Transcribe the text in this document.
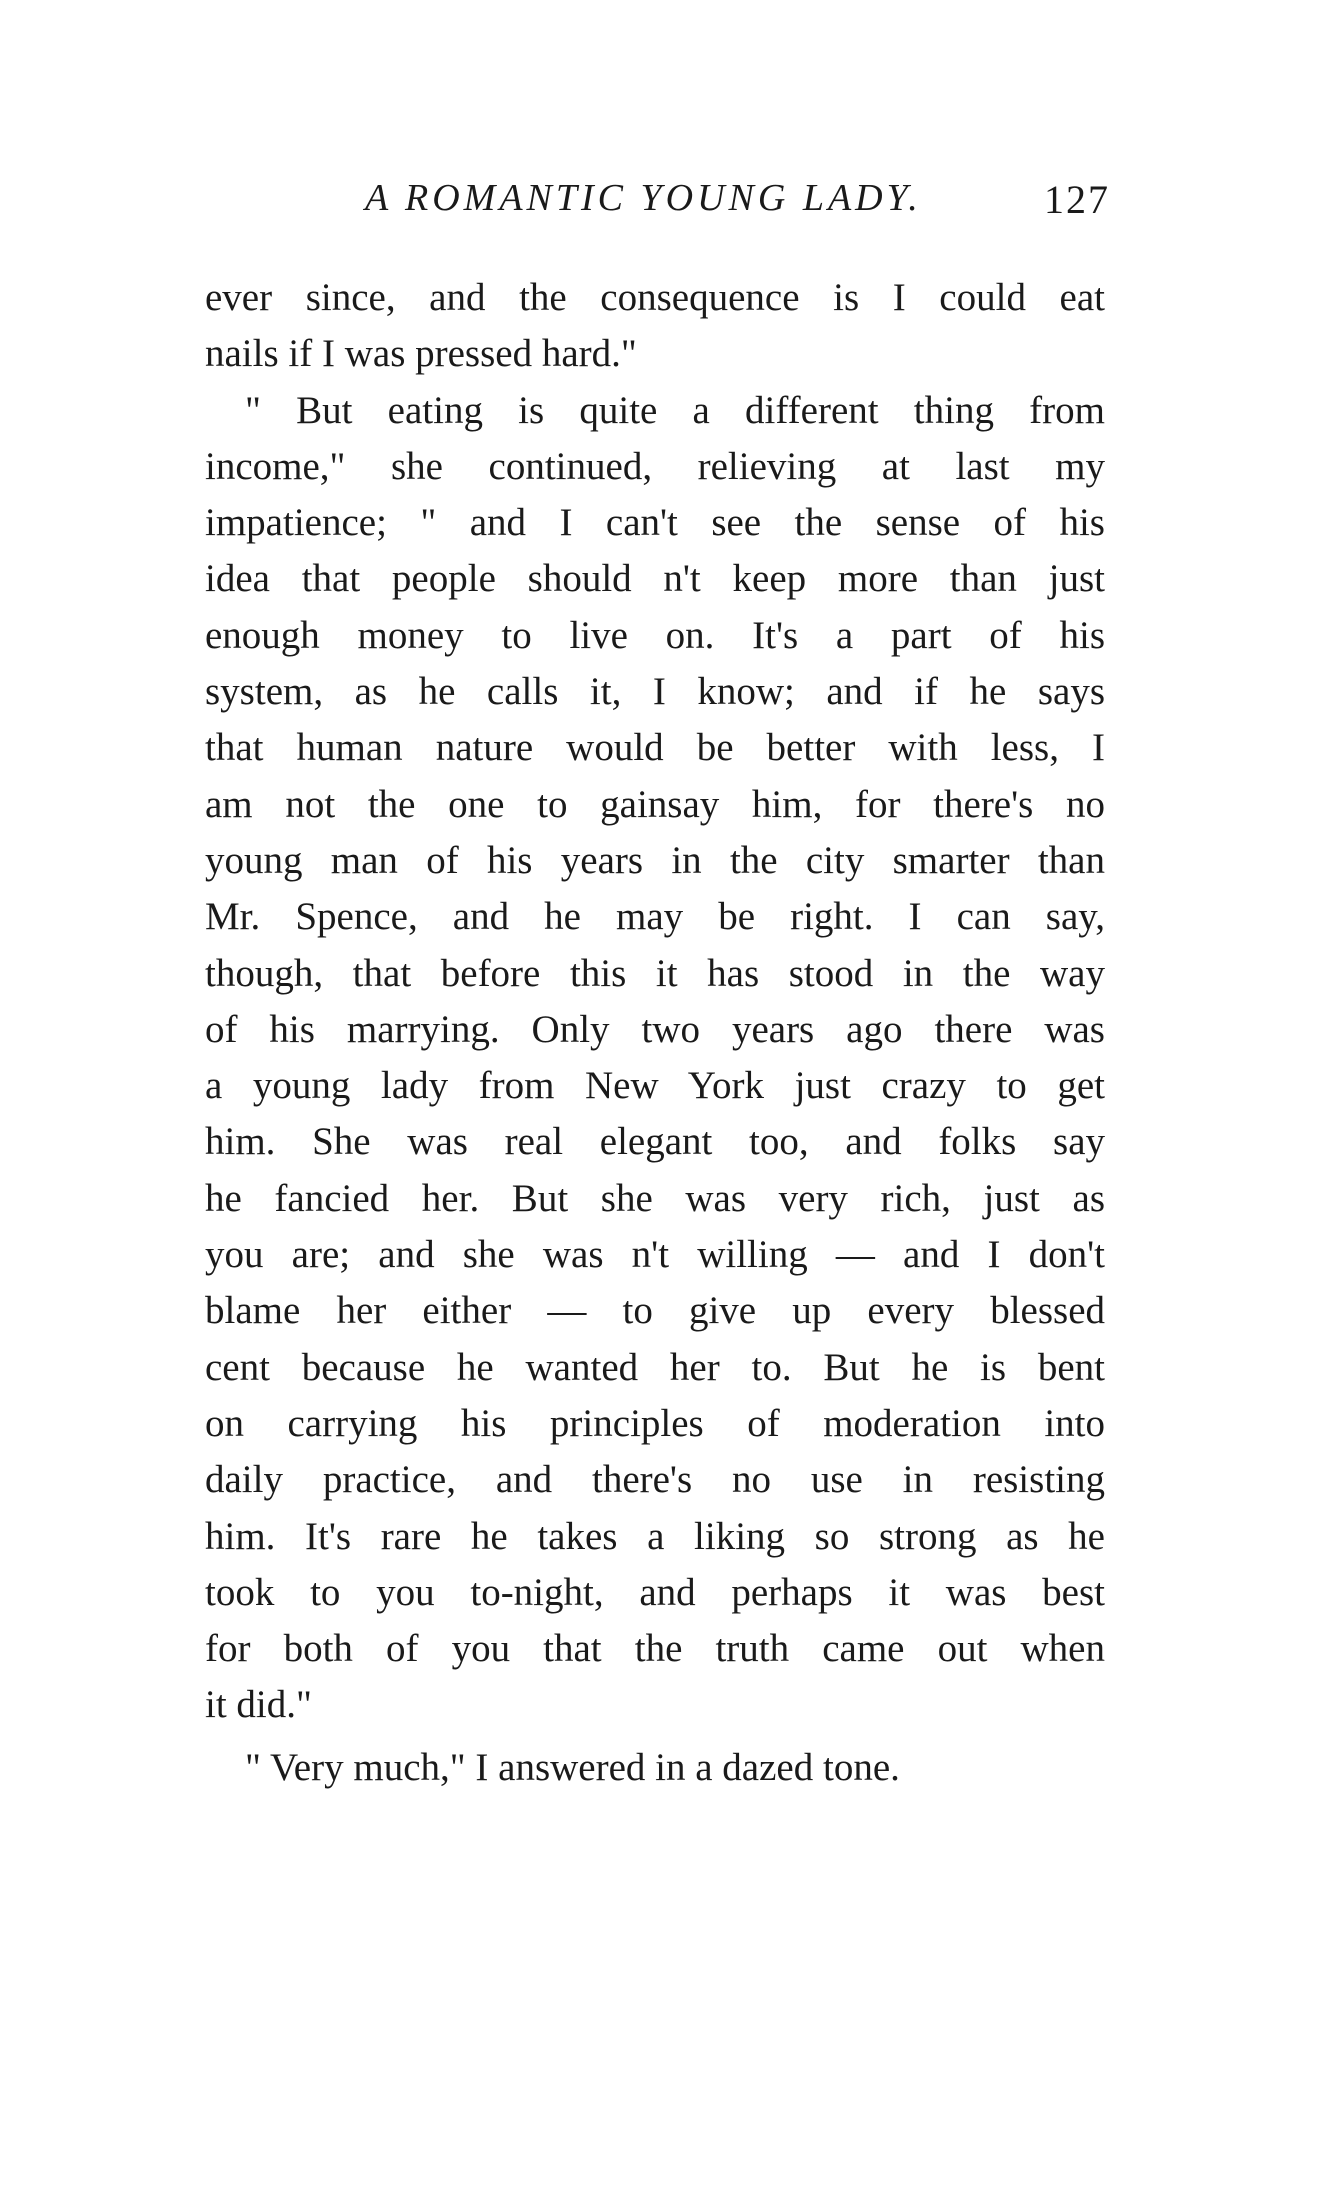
A ROMANTIC YOUNG LADY.	127
ever since, and the consequence is I could eat
nails if I was pressed hard."
" But eating is quite a different thing from
income," she continued, relieving at last my
impatience; " and I can't see the sense of his
idea that people should n't keep more than just
enough money to live on. It's a part of his
system, as he calls it, I know; and if he says
that human nature would be better with less, I
am not the one to gainsay him, for there's no
young man of his years in the city smarter than
Mr. Spence, and he may be right. I can say,
though, that before this it has stood in the way
of his marrying. Only two years ago there was
a young lady from New York just crazy to get
him. She was real elegant too, and folks say
he fancied her. But she was very rich, just as
you are; and she was n't willing — and I don't
blame her either — to give up every blessed
cent because he wanted her to. But he is bent
on carrying his principles of moderation into
daily practice, and there's no use in resisting
him. It's rare he takes a liking so strong as he
took to you to-night, and perhaps it was best
for both of you that the truth came out when
it did."
" Very much," I answered in a dazed tone.
